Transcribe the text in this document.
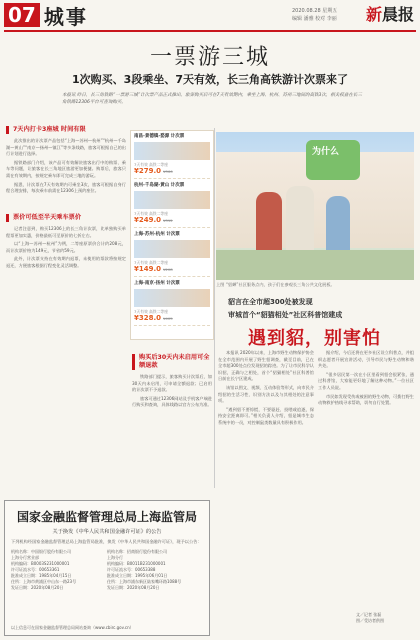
07 城事	2020.08.28 星期五
编辑 潘雅 校对 李丽	新晨报
一票游三城
1次购买、3段乘坐、7天有效，长三角高铁游计次票来了
本报讯 昨日，长三角铁路“一票游三城”计次票产品正式推出，旅客购买后可在7天有效期内，乘坐上海、杭州、苏州三地间的高铁3次，相关权益在长三角铁路12306平台可查询购买。
7天内打卡3座城 时间有限

此次推出的计次票产品包括“上海—苏州—杭州”“杭州—千岛湖—黄山”“南京—扬州—镇江”等多条线路，旅客可根据自己的出行计划进行选择。

据铁路部门介绍，该产品可有效解决旅客出行中的购票、乘车等问题，让旅客在长三角地区旅游更加便捷。购票后，旅客只需在有效期内，按规定乘车即可完成三地的游玩。

据悉，计次票在7天有效期内可乘坐3次，旅客可根据自身行程合理安排，每次乘车前需在12306上预约座位。

票价可低至半天乘车票价

记者注意到，购买12306上的长三角计次票，比单独购买单程票更加实惠，价格最低可至原价的七折左右。

以“上海—苏州—杭州”为例，二等座原票价合计约208元，而计次票价格为149元，节省约59元。

此外，计次票支持在有效期内退票，未使用的票款将按规定退还，方便旅客根据行程变化灵活调整。

南昌-景德镇-婺源 计次票
7天有效 高铁二等座
¥279.0 ¥366
杭州-千岛湖-黄山 计次票
7天有效 高铁二等座
¥249.0 ¥312
上海-苏州-杭州 计次票
7天有效 高铁二等座
¥149.0 ¥208
上海-南京-扬州 计次票
7天有效 高铁二等座
¥328.0 ¥405
购买后30天内未启用可全额退款

铁路部门提示，旅客购买计次票后，如30天内未启用，可申请全额退款；已启用的计次票不予退款。

旅客可通过12306网站及手机客户端进行购买和查询，具体线路以官方公布为准。

为什么
上图 “貂蝉”社区服务点内，孩子们在参观长三角公共文化展板。
貂言在全市超300处被发现
审城首个“貂猫相处”社区科普馆建成
遇到貂，别害怕

本报讯 2020年以来，上海市野生动物保护协会在全市范围内开展了野生貂调查，截至目前，已在全市超300处点位发现貂的踪迹。为了让市民科学认识貂，正确与之相处，首个“貂猫相处”社区科普馆日前在长宁区建成。

该馆以图文、视频、互动体验等形式，向市民介绍貂的生活习性、识别方法以及与其相处的注意事项。

“遇到貂不要惊慌，不要驱赶、投喂或追逐，保持安全距离即可。”相关负责人介绍，貂是城市生态系统中的一员，对控制鼠类数量具有积极作用。

据介绍，今后还将在更多社区设立科普点，并组织志愿者开展宣讲活动，引导市民与野生动物和谐共处。

“很多居民第一次在小区里看到貂会很紧张，通过科普馆，大家能更好地了解这种动物。”一位社区工作人员说。

市民如发现受伤或被困的野生动物，可拨打野生动物救护热线寻求帮助，切勿自行处置。

文／记者 张磊
图／受访者供图
国家金融监督管理总局上海监管局
关于换发《中华人民共和国金融许可证》的公告
下列机构经国家金融监督管理总局上海监管局批准，换发《中华人民共和国金融许可证》，现予以公告：
机构名称：中国银行股份有限公司
上海分行营业部
机构编码：B0003S231000001
许可证流水号：00653361
批准成立日期：1985年04月15日
住所：上海市黄浦区中山东一路23号
发证日期：2020年08月20日
机构名称：招商银行股份有限公司
上海分行
机构编码：B0011B231000001
许可证流水号：00653388
批准成立日期：1995年06月01日
住所：上海市浦东新区陆家嘴环路1088号
发证日期：2020年08月20日
以上信息可在国家金融监督管理总局网站查询（www.cbirc.gov.cn）
